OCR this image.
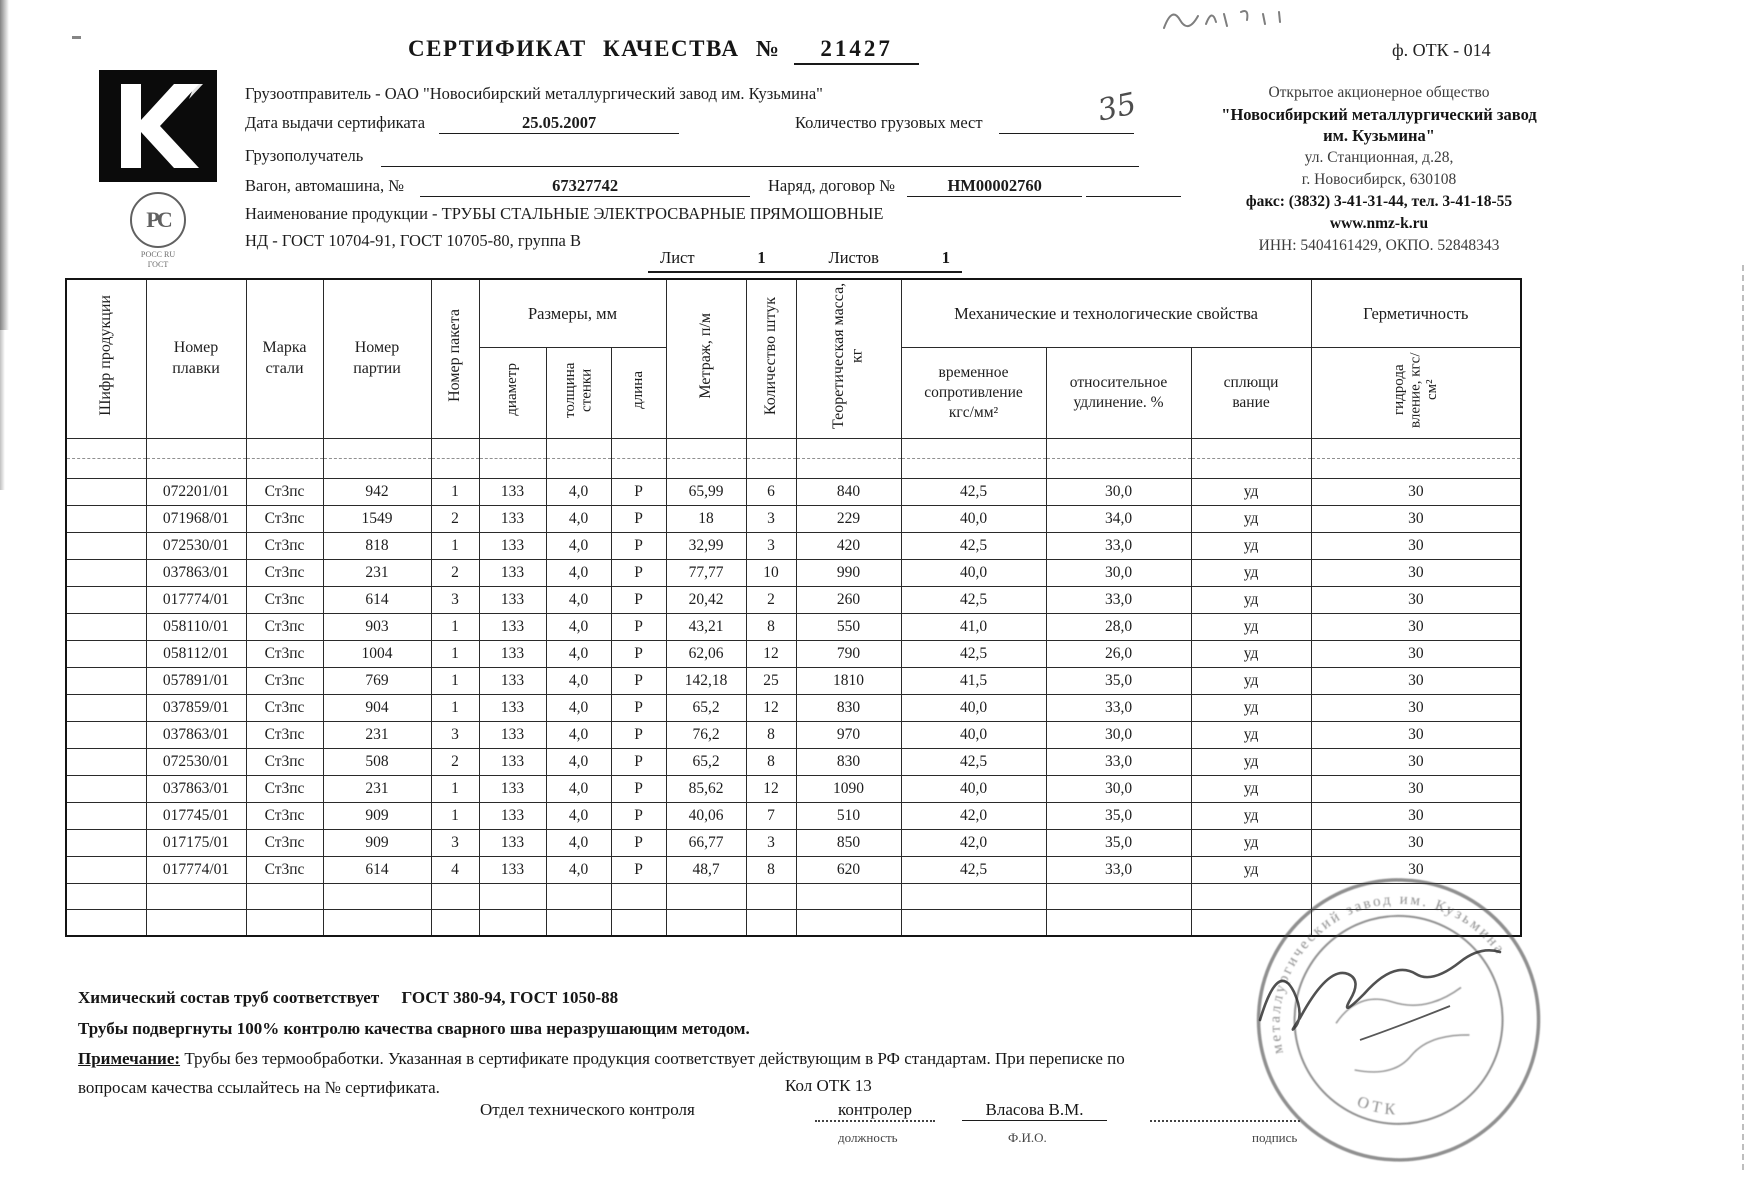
РС
РОСС RU
ГОСТ
СЕРТИФИКАТ КАЧЕСТВА № 21427	ф. ОТК - 014
Грузоотправитель - ОАО "Новосибирский металлургический завод им. Кузьмина"
Дата выдачи сертификата	25.05.2007	Количество грузовых мест	35
Грузополучатель
Вагон, автомашина, №	67327742	Наряд, договор №	НМ00002760
Наименование продукции - ТРУБЫ СТАЛЬНЫЕ ЭЛЕКТРОСВАРНЫЕ ПРЯМОШОВНЫЕ
НД - ГОСТ 10704-91, ГОСТ 10705-80, группа В
Лист	1	Листов	1
Открытое акционерное общество
"Новосибирский металлургический завод
им. Кузьмина"
ул. Станционная, д.28,
г. Новосибирск, 630108
факс: (3832) 3-41-31-44, тел. 3-41-18-55
www.nmz-k.ru
ИНН: 5404161429, ОКПО. 52848343
Шифр продукции	Номер плавки	Марка стали	Номер партии	Номер пакета	Размеры, мм			Метраж, п/м	Количество штук	Теоретическая масса, кг	Механические и технологические свойства			Герметичность
					диаметр	толщина стенки	длина				временное сопротивление кгс/мм²	относительное удлинение. %	сплющи вание	гидрода вление, кгс/см²

	072201/01	Ст3пс	942	1	133	4,0	Р	65,99	6	840	42,5	30,0	уд	30
	071968/01	Ст3пс	1549	2	133	4,0	Р	18	3	229	40,0	34,0	уд	30
	072530/01	Ст3пс	818	1	133	4,0	Р	32,99	3	420	42,5	33,0	уд	30
	037863/01	Ст3пс	231	2	133	4,0	Р	77,77	10	990	40,0	30,0	уд	30
	017774/01	Ст3пс	614	3	133	4,0	Р	20,42	2	260	42,5	33,0	уд	30
	058110/01	Ст3пс	903	1	133	4,0	Р	43,21	8	550	41,0	28,0	уд	30
	058112/01	Ст3пс	1004	1	133	4,0	Р	62,06	12	790	42,5	26,0	уд	30
	057891/01	Ст3пс	769	1	133	4,0	Р	142,18	25	1810	41,5	35,0	уд	30
	037859/01	Ст3пс	904	1	133	4,0	Р	65,2	12	830	40,0	33,0	уд	30
	037863/01	Ст3пс	231	3	133	4,0	Р	76,2	8	970	40,0	30,0	уд	30
	072530/01	Ст3пс	508	2	133	4,0	Р	65,2	8	830	42,5	33,0	уд	30
	037863/01	Ст3пс	231	1	133	4,0	Р	85,62	12	1090	40,0	30,0	уд	30
	017745/01	Ст3пс	909	1	133	4,0	Р	40,06	7	510	42,0	35,0	уд	30
	017175/01	Ст3пс	909	3	133	4,0	Р	66,77	3	850	42,0	35,0	уд	30
	017774/01	Ст3пс	614	4	133	4,0	Р	48,7	8	620	42,5	33,0	уд	30

Химический состав труб соответствует ГОСТ 380-94, ГОСТ 1050-88
Трубы подвергнуты 100% контролю качества сварного шва неразрушающим методом.
Примечание: Трубы без термообработки. Указанная в сертификате продукция соответствует действующим в РФ стандартам. При переписке по
вопросам качества ссылайтесь на № сертификата.	Кол ОТК 13
Отдел технического контроля	контролер	Власова В.М.

должность	Ф.И.О.	подпись
металлургический завод им. Кузьмина
ОТК
